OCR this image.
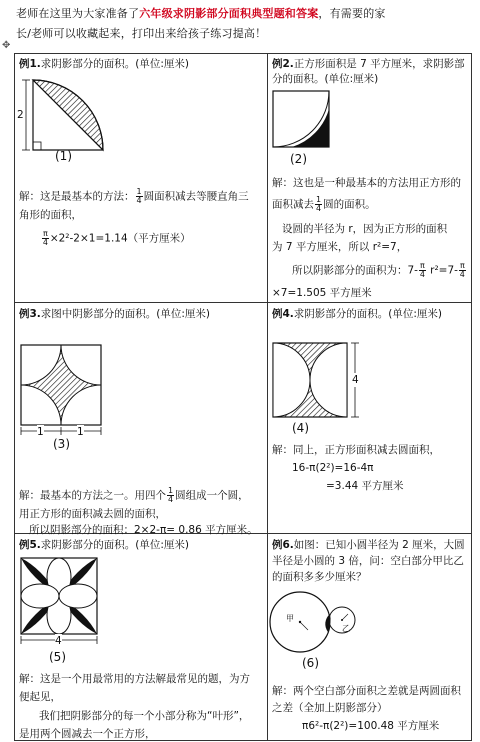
老师在这里为大家准备了六年级求阴影部分面积典型题和答案，有需要的家
长/老师可以收藏起来，打印出来给孩子练习提高！
✥
例1.求阴影部分的面积。(单位:厘米)
2
(1)
解：这是最基本的方法： $\frac{1}{4}$ 圆面积减去等腰直角三
角形的面积，
$\frac{\pi}{4} \times 2^2-2\times 1=1.14$（平方厘米）
例2.正方形面积是 7 平方厘米，求阴影部
分的面积。(单位:厘米)
(2)
解：这也是一种最基本的方法用正方形的
面积减去 $\frac{1}{4}$ 圆的面积。
设圆的半径为 r，因为正方形的面积
为 7 平方厘米，所以 r²=7，
所以阴影部分的面积为：$7- \frac{\pi}{4} r^2=7- \frac{\pi}{4}$
×7=1.505 平方厘米
例3.求图中阴影部分的面积。(单位:厘米)
1	1
(3)
解：最基本的方法之一。用四个 $\frac{1}{4}$ 圆组成一个圆，
用正方形的面积减去圆的面积，
所以阴影部分的面积：2×2-π= 0.86 平方厘米。
例4.求阴影部分的面积。(单位:厘米)
4
(4)
解：同上，正方形面积减去圆面积，
16-π(2²)=16-4π
=3.44 平方厘米
例5.求阴影部分的面积。(单位:厘米)
4
(5)
解：这是一个用最常用的方法解最常见的题，为方
便起见，
我们把阴影部分的每一个小部分称为“叶形”，
是用两个圆减去一个正方形，
例6.如图：已知小圆半径为 2 厘米，大圆
半径是小圆的 3 倍，问：空白部分甲比乙
的面积多多少厘米？
甲
乙
(6)
解：两个空白部分面积之差就是两圆面积
之差（全加上阴影部分）
π6²-π(2²)=100.48 平方厘米
